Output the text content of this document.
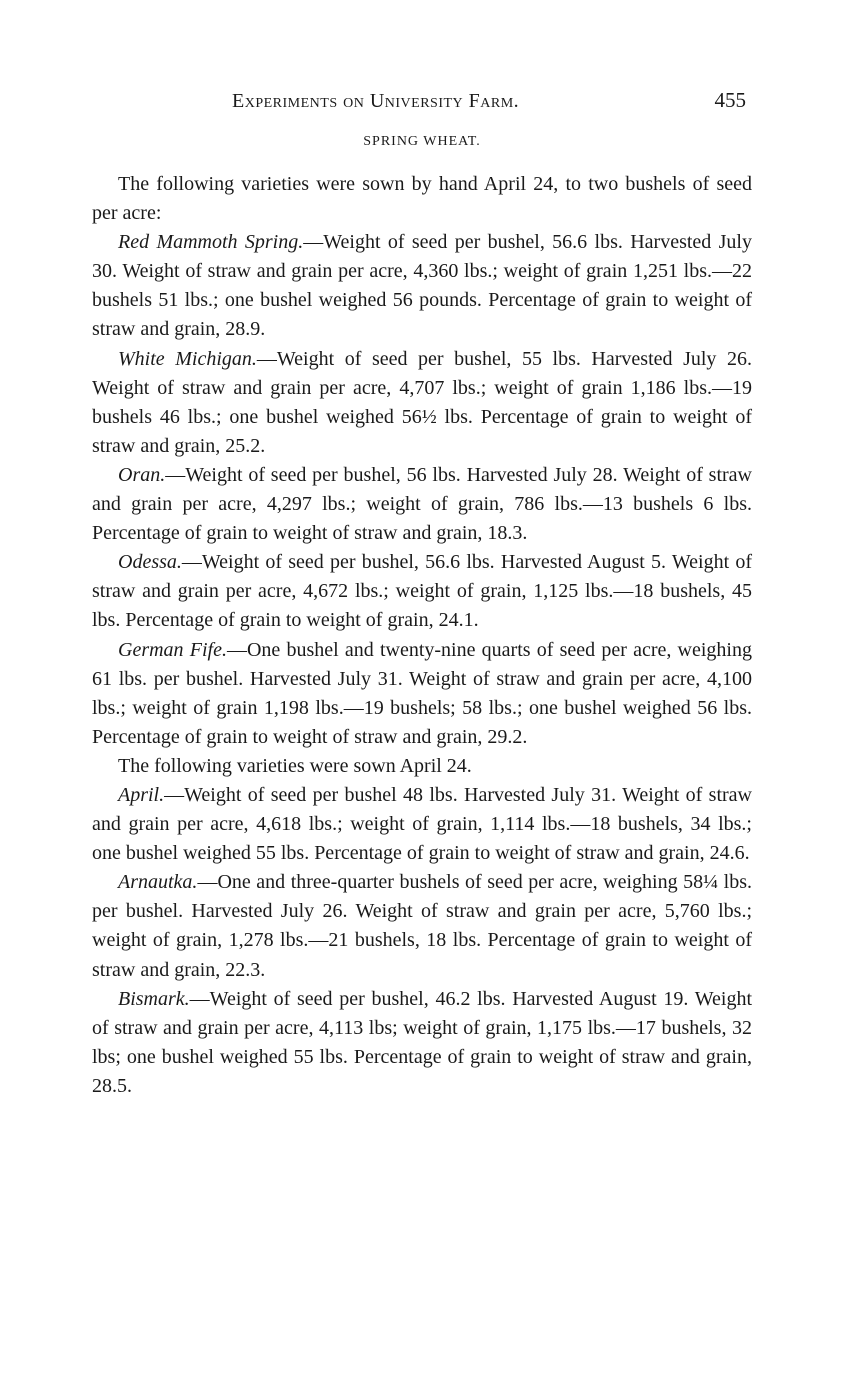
Experiments on University Farm.	455
SPRING WHEAT.

The following varieties were sown by hand April 24, to two bushels of seed per acre:

Red Mammoth Spring.—Weight of seed per bushel, 56.6 lbs. Harvested July 30. Weight of straw and grain per acre, 4,360 lbs.; weight of grain 1,251 lbs.—22 bushels 51 lbs.; one bushel weighed 56 pounds. Percentage of grain to weight of straw and grain, 28.9.

White Michigan.—Weight of seed per bushel, 55 lbs. Harvested July 26. Weight of straw and grain per acre, 4,707 lbs.; weight of grain 1,186 lbs.—19 bushels 46 lbs.; one bushel weighed 56½ lbs. Percentage of grain to weight of straw and grain, 25.2.

Oran.—Weight of seed per bushel, 56 lbs. Harvested July 28. Weight of straw and grain per acre, 4,297 lbs.; weight of grain, 786 lbs.—13 bushels 6 lbs. Percentage of grain to weight of straw and grain, 18.3.

Odessa.—Weight of seed per bushel, 56.6 lbs. Harvested August 5. Weight of straw and grain per acre, 4,672 lbs.; weight of grain, 1,125 lbs.—18 bushels, 45 lbs. Percentage of grain to weight of grain, 24.1.

German Fife.—One bushel and twenty-nine quarts of seed per acre, weighing 61 lbs. per bushel. Harvested July 31. Weight of straw and grain per acre, 4,100 lbs.; weight of grain 1,198 lbs.—19 bushels; 58 lbs.; one bushel weighed 56 lbs. Percentage of grain to weight of straw and grain, 29.2.

The following varieties were sown April 24.

April.—Weight of seed per bushel 48 lbs. Harvested July 31. Weight of straw and grain per acre, 4,618 lbs.; weight of grain, 1,114 lbs.—18 bushels, 34 lbs.; one bushel weighed 55 lbs. Percentage of grain to weight of straw and grain, 24.6.

Arnautka.—One and three-quarter bushels of seed per acre, weighing 58¼ lbs. per bushel. Harvested July 26. Weight of straw and grain per acre, 5,760 lbs.; weight of grain, 1,278 lbs.—21 bushels, 18 lbs. Percentage of grain to weight of straw and grain, 22.3.

Bismark.—Weight of seed per bushel, 46.2 lbs. Harvested August 19. Weight of straw and grain per acre, 4,113 lbs; weight of grain, 1,175 lbs.—17 bushels, 32 lbs; one bushel weighed 55 lbs. Percentage of grain to weight of straw and grain, 28.5.
